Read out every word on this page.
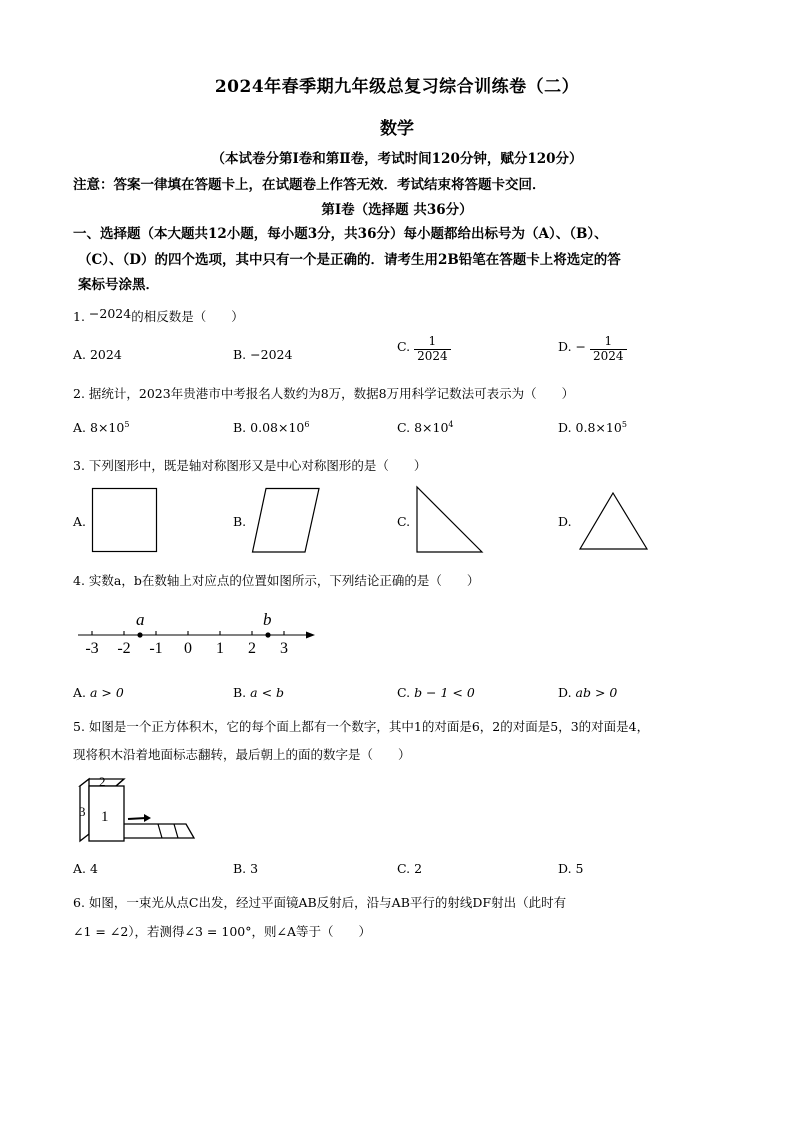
2024年春季期九年级总复习综合训练卷（二）
数学
（本试卷分第Ⅰ卷和第Ⅱ卷，考试时间120分钟，赋分120分）
注意：答案一律填在答题卡上，在试题卷上作答无效．考试结束将答题卡交回．
第Ⅰ卷（选择题 共36分）
一、选择题（本大题共12小题，每小题3分，共36分）每小题都给出标号为（A）、（B）、
（C）、（D）的四个选项，其中只有一个是正确的．请考生用2B铅笔在答题卡上将选定的答
案标号涂黑．
1. −2024的相反数是（　　）
A. 2024	B. −2024
C. $\frac{1}{2024}$	D. − $\frac{1}{2024}$
2. 据统计，2023年贵港市中考报名人数约为8万，数据8万用科学记数法可表示为（　　）
A. $8\times 10^5$	B. $0.08\times 10^6$	C. $8\times 10^4$	D. $0.8\times 10^5$
3. 下列图形中，既是轴对称图形又是中心对称图形的是（　　）
A.	B.	C.	D.
4. 实数a，b在数轴上对应点的位置如图所示，下列结论正确的是（　　）
-3 -2 -1 0 1 2 3
a	b
A. a > 0	B. a < b	C. b − 1 < 0	D. ab > 0
5. 如图是一个正方体积木，它的每个面上都有一个数字，其中1的对面是6，2的对面是5，3的对面是4，
现将积木沿着地面标志翻转，最后朝上的面的数字是（　　）
2
3 1
A. 4	B. 3	C. 2	D. 5
6. 如图，一束光从点C出发，经过平面镜AB反射后，沿与AB平行的射线DF射出（此时有
∠1 = ∠2），若测得∠3 = 100°，则∠A等于（　　）
